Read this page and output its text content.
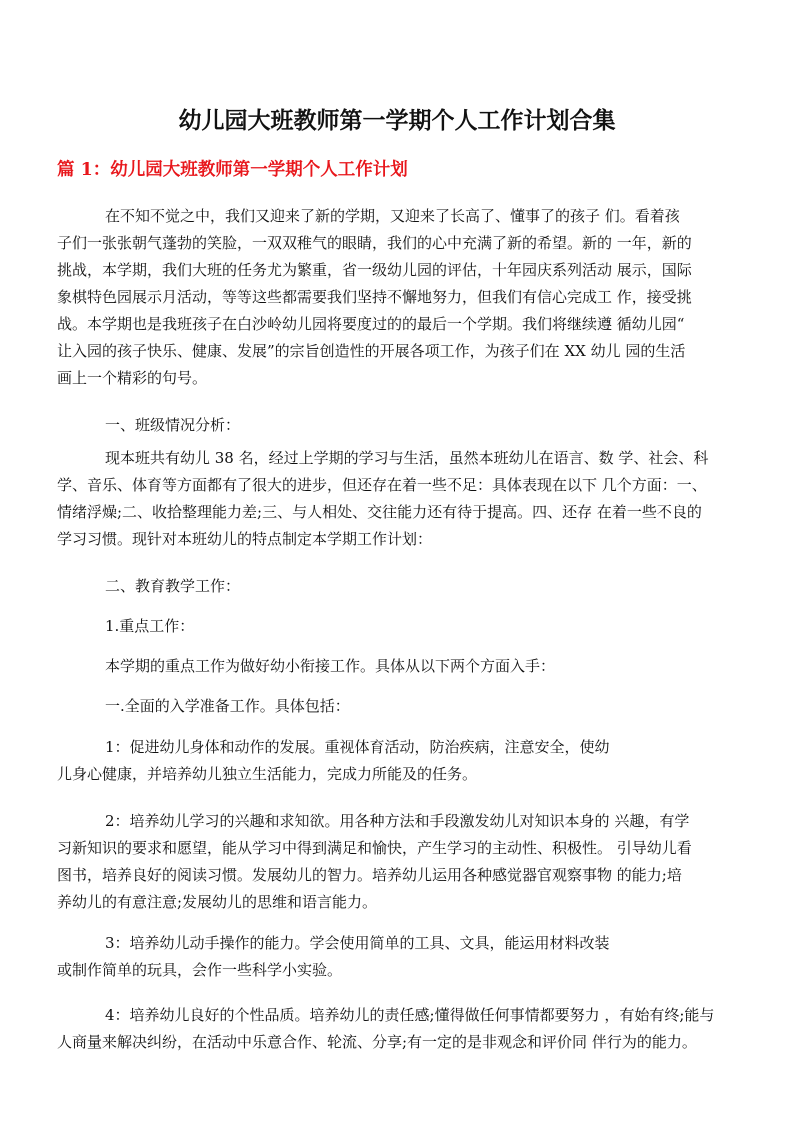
幼儿园大班教师第一学期个人工作计划合集
篇 1：幼儿园大班教师第一学期个人工作计划
在不知不觉之中，我们又迎来了新的学期，又迎来了长高了、懂事了的孩子 们。看着孩
子们一张张朝气蓬勃的笑脸，一双双稚气的眼睛，我们的心中充满了新的希望。新的 一年，新的
挑战，本学期，我们大班的任务尤为繁重，省一级幼儿园的评估，十年园庆系列活动 展示，国际
象棋特色园展示月活动，等等这些都需要我们坚持不懈地努力，但我们有信心完成工 作，接受挑
战。本学期也是我班孩子在白沙岭幼儿园将要度过的的最后一个学期。我们将继续遵 循幼儿园“
让入园的孩子快乐、健康、发展”的宗旨创造性的开展各项工作，为孩子们在 XX 幼儿 园的生活
画上一个精彩的句号。
一、班级情况分析：
现本班共有幼儿 38 名，经过上学期的学习与生活，虽然本班幼儿在语言、数 学、社会、科
学、音乐、体育等方面都有了很大的进步，但还存在着一些不足：具体表现在以下 几个方面：一、
情绪浮燥;二、收拾整理能力差;三、与人相处、交往能力还有待于提高。四、还存 在着一些不良的
学习习惯。现针对本班幼儿的特点制定本学期工作计划：
二、教育教学工作：
1.重点工作：
本学期的重点工作为做好幼小衔接工作。具体从以下两个方面入手：
一.全面的入学准备工作。具体包括：
1：促进幼儿身体和动作的发展。重视体育活动，防治疾病，注意安全，使幼
儿身心健康，并培养幼儿独立生活能力，完成力所能及的任务。
2：培养幼儿学习的兴趣和求知欲。用各种方法和手段激发幼儿对知识本身的 兴趣，有学
习新知识的要求和愿望，能从学习中得到满足和愉快，产生学习的主动性、积极性。 引导幼儿看
图书，培养良好的阅读习惯。发展幼儿的智力。培养幼儿运用各种感觉器官观察事物 的能力;培
养幼儿的有意注意;发展幼儿的思维和语言能力。
3：培养幼儿动手操作的能力。学会使用简单的工具、文具，能运用材料改装
或制作简单的玩具，会作一些科学小实验。
4：培养幼儿良好的个性品质。培养幼儿的责任感;懂得做任何事情都要努力 ，有始有终;能与
人商量来解决纠纷，在活动中乐意合作、轮流、分享;有一定的是非观念和评价同 伴行为的能力。
